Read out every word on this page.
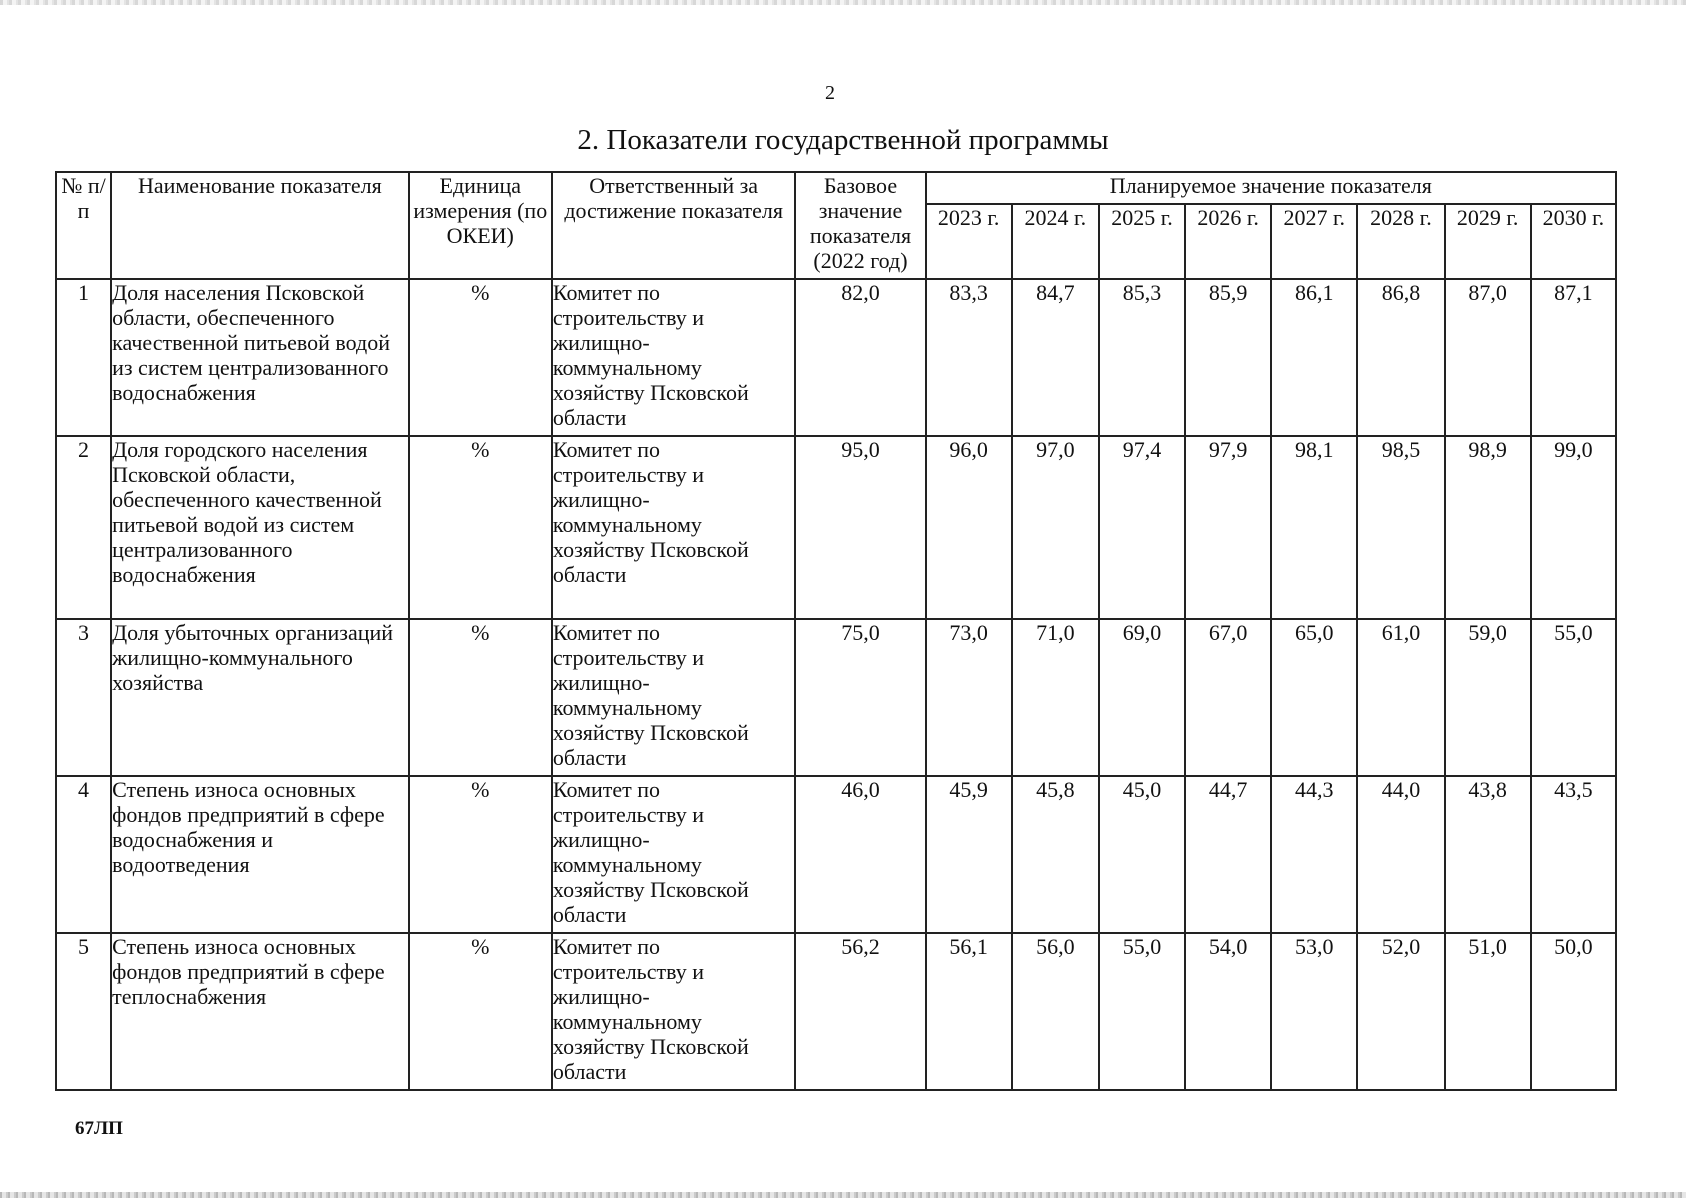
2
2. Показатели государственной программы
№ п/п	Наименование показателя	Единица измерения (по ОКЕИ)	Ответственный за достижение показателя	Базовое значение показателя (2022 год)	Планируемое значение показателя							
					2023 г.	2024 г.	2025 г.	2026 г.	2027 г.	2028 г.	2029 г.	2030 г.
1	Доля населения Псковской области, обеспеченного качественной питьевой водой из систем централизованного водоснабжения	%	Комитет по строительству и жилищно-коммунальному хозяйству Псковской области	82,0	83,3	84,7	85,3	85,9	86,1	86,8	87,0	87,1
2	Доля городского населения Псковской области, обеспеченного качественной питьевой водой из систем централизованного водоснабжения	%	Комитет по строительству и жилищно-коммунальному хозяйству Псковской области	95,0	96,0	97,0	97,4	97,9	98,1	98,5	98,9	99,0
3	Доля убыточных организаций жилищно-коммунального хозяйства	%	Комитет по строительству и жилищно-коммунальному хозяйству Псковской области	75,0	73,0	71,0	69,0	67,0	65,0	61,0	59,0	55,0
4	Степень износа основных фондов предприятий в сфере водоснабжения и водоотведения	%	Комитет по строительству и жилищно-коммунальному хозяйству Псковской области	46,0	45,9	45,8	45,0	44,7	44,3	44,0	43,8	43,5
5	Степень износа основных фондов предприятий в сфере теплоснабжения	%	Комитет по строительству и жилищно-коммунальному хозяйству Псковской области	56,2	56,1	56,0	55,0	54,0	53,0	52,0	51,0	50,0
67ЛП
